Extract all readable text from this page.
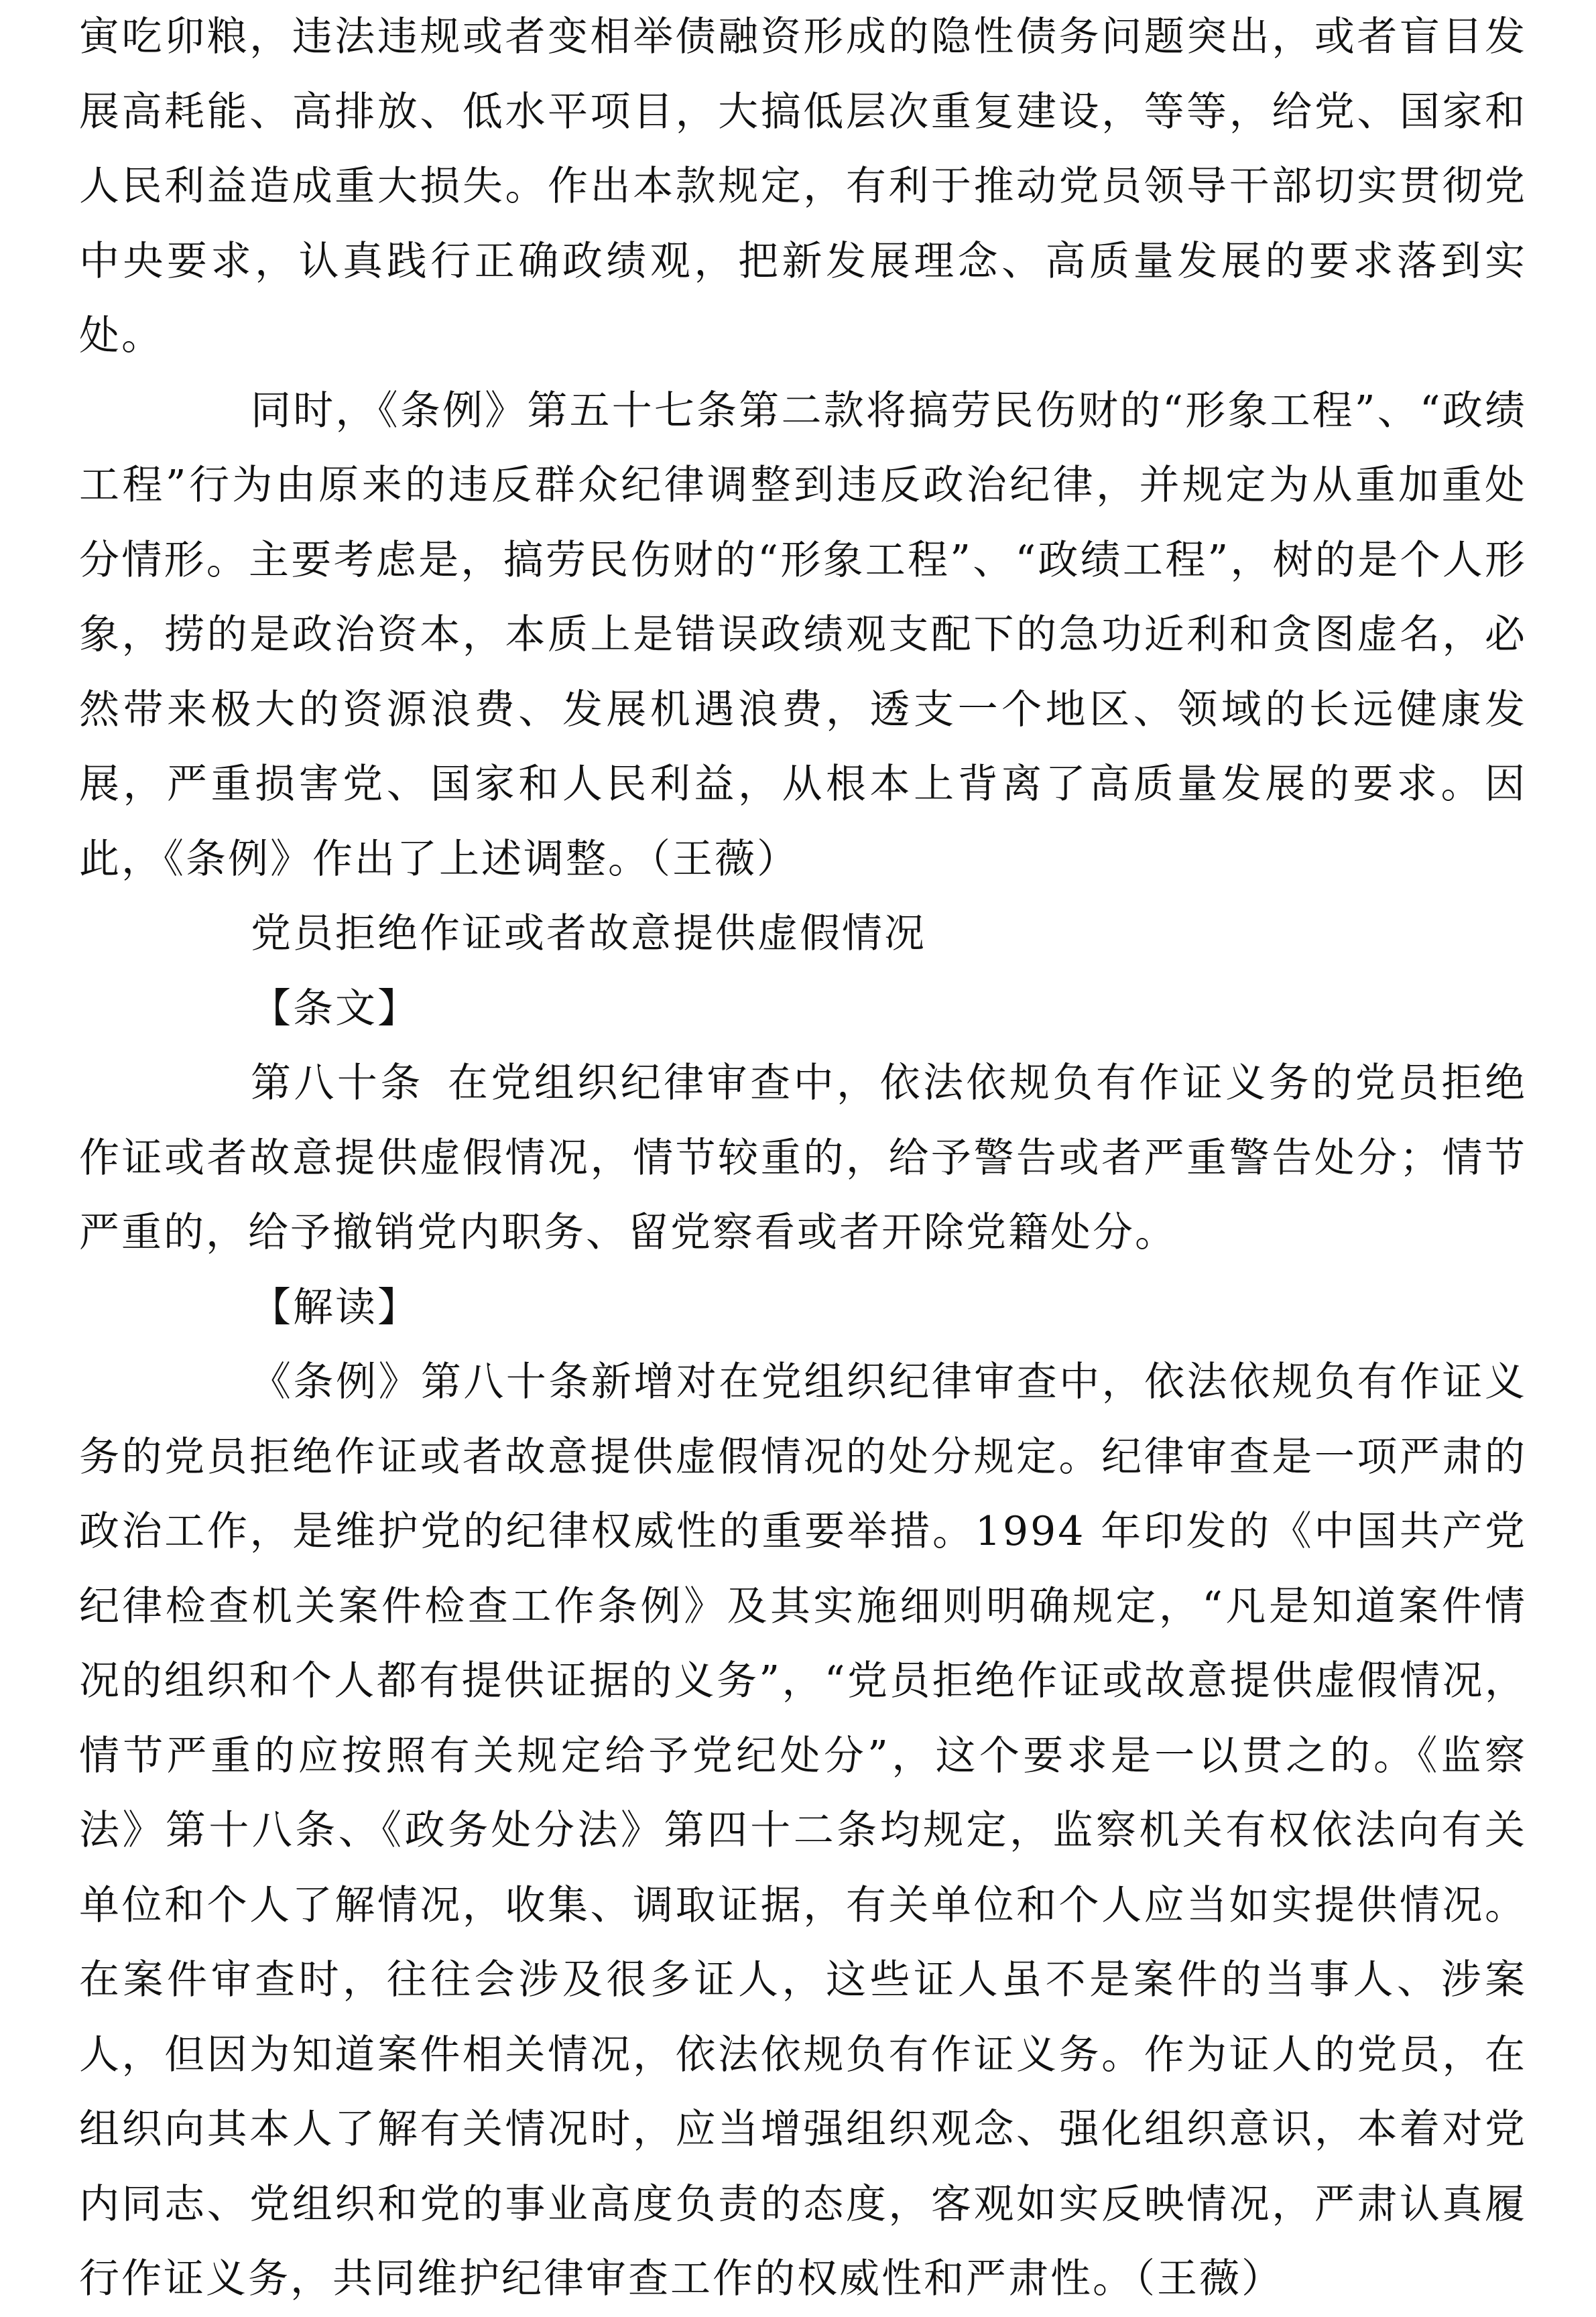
寅吃卯粮，违法违规或者变相举债融资形成的隐性债务问题突出，或者盲目发展高耗能、高排放、低水平项目，大搞低层次重复建设，等等，给党、国家和人民利益造成重大损失。作出本款规定，有利于推动党员领导干部切实贯彻党中央要求，认真践行正确政绩观，把新发展理念、高质量发展的要求落到实处。

同时，《条例》第五十七条第二款将搞劳民伤财的“形象工程”、“政绩工程”行为由原来的违反群众纪律调整到违反政治纪律，并规定为从重加重处分情形。主要考虑是，搞劳民伤财的“形象工程”、“政绩工程”，树的是个人形象，捞的是政治资本，本质上是错误政绩观支配下的急功近利和贪图虚名，必然带来极大的资源浪费、发展机遇浪费，透支一个地区、领域的长远健康发展，严重损害党、国家和人民利益，从根本上背离了高质量发展的要求。因此，《条例》作出了上述调整。（王薇）

党员拒绝作证或者故意提供虚假情况

【条文】

第八十条 在党组织纪律审查中，依法依规负有作证义务的党员拒绝作证或者故意提供虚假情况，情节较重的，给予警告或者严重警告处分；情节严重的，给予撤销党内职务、留党察看或者开除党籍处分。

【解读】

《条例》第八十条新增对在党组织纪律审查中，依法依规负有作证义务的党员拒绝作证或者故意提供虚假情况的处分规定。纪律审查是一项严肃的政治工作，是维护党的纪律权威性的重要举措。1994 年印发的《中国共产党纪律检查机关案件检查工作条例》及其实施细则明确规定，“凡是知道案件情况的组织和个人都有提供证据的义务”，“党员拒绝作证或故意提供虚假情况，情节严重的应按照有关规定给予党纪处分”，这个要求是一以贯之的。《监察法》第十八条、《政务处分法》第四十二条均规定，监察机关有权依法向有关单位和个人了解情况，收集、调取证据，有关单位和个人应当如实提供情况。在案件审查时，往往会涉及很多证人，这些证人虽不是案件的当事人、涉案人，但因为知道案件相关情况，依法依规负有作证义务。作为证人的党员，在组织向其本人了解有关情况时，应当增强组织观念、强化组织意识，本着对党内同志、党组织和党的事业高度负责的态度，客观如实反映情况，严肃认真履行作证义务，共同维护纪律审查工作的权威性和严肃性。（王薇）
